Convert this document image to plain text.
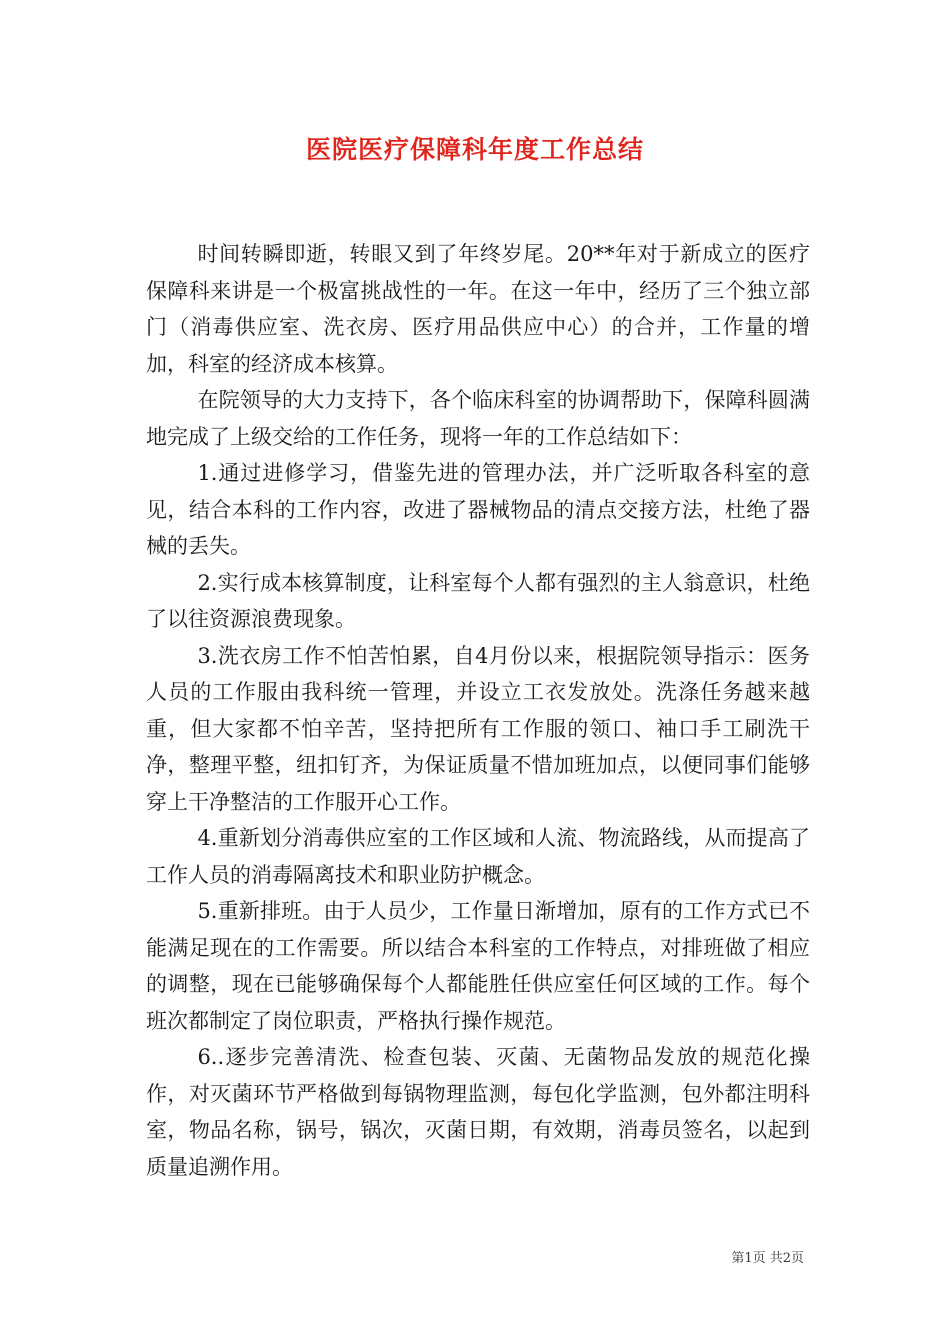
医院医疗保障科年度工作总结

时间转瞬即逝，转眼又到了年终岁尾。20**年对于新成立的医疗保障科来讲是一个极富挑战性的一年。在这一年中，经历了三个独立部门（消毒供应室、洗衣房、医疗用品供应中心）的合并，工作量的增加，科室的经济成本核算。

在院领导的大力支持下，各个临床科室的协调帮助下，保障科圆满地完成了上级交给的工作任务，现将一年的工作总结如下：

1.通过进修学习，借鉴先进的管理办法，并广泛听取各科室的意见，结合本科的工作内容，改进了器械物品的清点交接方法，杜绝了器械的丢失。

2.实行成本核算制度，让科室每个人都有强烈的主人翁意识，杜绝了以往资源浪费现象。

3.洗衣房工作不怕苦怕累，自4月份以来，根据院领导指示：医务人员的工作服由我科统一管理，并设立工衣发放处。洗涤任务越来越重，但大家都不怕辛苦，坚持把所有工作服的领口、袖口手工刷洗干净，整理平整，纽扣钉齐，为保证质量不惜加班加点，以便同事们能够穿上干净整洁的工作服开心工作。

4.重新划分消毒供应室的工作区域和人流、物流路线，从而提高了工作人员的消毒隔离技术和职业防护概念。

5.重新排班。由于人员少，工作量日渐增加，原有的工作方式已不能满足现在的工作需要。所以结合本科室的工作特点，对排班做了相应的调整，现在已能够确保每个人都能胜任供应室任何区域的工作。每个班次都制定了岗位职责，严格执行操作规范。

6..逐步完善清洗、检查包装、灭菌、无菌物品发放的规范化操作，对灭菌环节严格做到每锅物理监测，每包化学监测，包外都注明科室，物品名称，锅号，锅次，灭菌日期，有效期，消毒员签名，以起到质量追溯作用。

第1页 共2页
